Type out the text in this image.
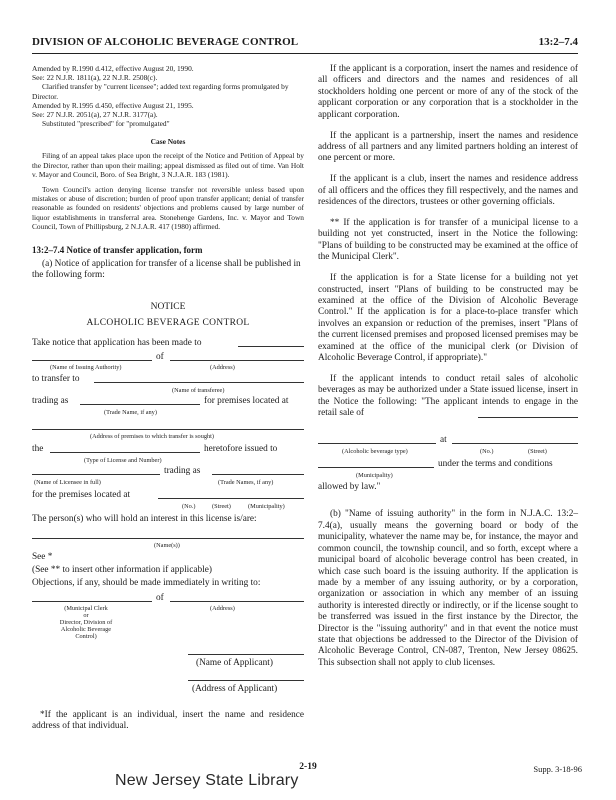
DIVISION OF ALCOHOLIC BEVERAGE CONTROL	13:2–7.4

Amended by R.1990 d.412, effective August 20, 1990.

See: 22 N.J.R. 1811(a), 22 N.J.R. 2508(c).

Clarified transfer by "current licensee"; added text regarding forms promulgated by Director.

Amended by R.1995 d.450, effective August 21, 1995.

See: 27 N.J.R. 2051(a), 27 N.J.R. 3177(a).

Substituted "prescribed" for "promulgated"

Case Notes

Filing of an appeal takes place upon the receipt of the Notice and Petition of Appeal by the Director, rather than upon their mailing; appeal dismissed as filed out of time. Van Holt v. Mayor and Council, Boro. of Sea Bright, 3 N.J.A.R. 183 (1981).

Town Council's action denying license transfer not reversible unless based upon mistakes or abuse of discretion; burden of proof upon transfer applicant; denial of transfer reasonable as founded on residents' objections and problems caused by large number of liquor establishments in transferral area. Stonehenge Gardens, Inc. v. Mayor and Town Council, Town of Phillipsburg, 2 N.J.A.R. 417 (1980) affirmed.

13:2–7.4 Notice of transfer application, form
(a) Notice of application for transfer of a license shall be published in the following form:
NOTICE
ALCOHOLIC BEVERAGE CONTROL
Take notice that application has been made to
of
(Name of Issuing Authority)	(Address)
to transfer to
(Name of transferee)
trading as	for premises located at
(Trade Name, if any)
(Address of premises to which transfer is sought)
the	heretofore issued to
(Type of License and Number)
trading as
(Name of Licensee in full)	(Trade Names, if any)
for the premises located at
(No.)	(Street)	(Municipality)
The person(s) who will hold an interest in this license is/are:
(Name(s))
See *
(See ** to insert other information if applicable)
Objections, if any, should be made immediately in writing to:
of
(Municipal Clerk
or
Director, Division of
Alcoholic Beverage
Control)
(Address)
(Name of Applicant)
(Address of Applicant)
*If the applicant is an individual, insert the name and residence address of that individual.

If the applicant is a corporation, insert the names and residence of all officers and directors and the names and residences of all stockholders holding one percent or more of any of the stock of the applicant corporation or any corporation that is a stockholder in the applicant corporation.

If the applicant is a partnership, insert the names and residence address of all partners and any limited partners holding an interest of one percent or more.

If the applicant is a club, insert the names and residence address of all officers and the offices they fill respectively, and the names and residences of the directors, trustees or other governing officials.

** If the application is for transfer of a municipal license to a building not yet constructed, insert in the Notice the following: "Plans of building to be constructed may be examined at the office of the Municipal Clerk".

If the application is for a State license for a building not yet constructed, insert "Plans of building to be constructed may be examined at the office of the Division of Alcoholic Beverage Control." If the application is for a place-to-place transfer which involves an expansion or reduction of the premises, insert "Plans of the current licensed premises and proposed licensed premises may be examined at the office of the municipal clerk (or Division of Alcoholic Beverage Control, if appropriate)."

If the applicant intends to conduct retail sales of alcoholic beverages as may be authorized under a State issued license, insert in the Notice the following: "The applicant intends to engage in the retail sale of

at
(Alcoholic beverage type)	(No.)	(Street)
under the terms and conditions
(Municipality)
allowed by law."

(b) "Name of issuing authority" in the form in N.J.A.C. 13:2–7.4(a), usually means the governing board or body of the municipality, whatever the name may be, for instance, the mayor and common council, the township council, and so forth, except where a municipal board of alcoholic beverage control has been created, in which case such board is the issuing authority. If the application is made by a member of any issuing authority, or by a corporation, organization or association in which any member of an issuing authority is interested directly or indirectly, or if the license sought to be transferred was issued in the first instance by the Director, the Director is the "issuing authority" and in that event the notice must state that objections be addressed to the Director of the Division of Alcoholic Beverage Control, CN-087, Trenton, New Jersey 08625. This subsection shall not apply to club licenses.

2-19	Supp. 3-18-96
New Jersey State Library
